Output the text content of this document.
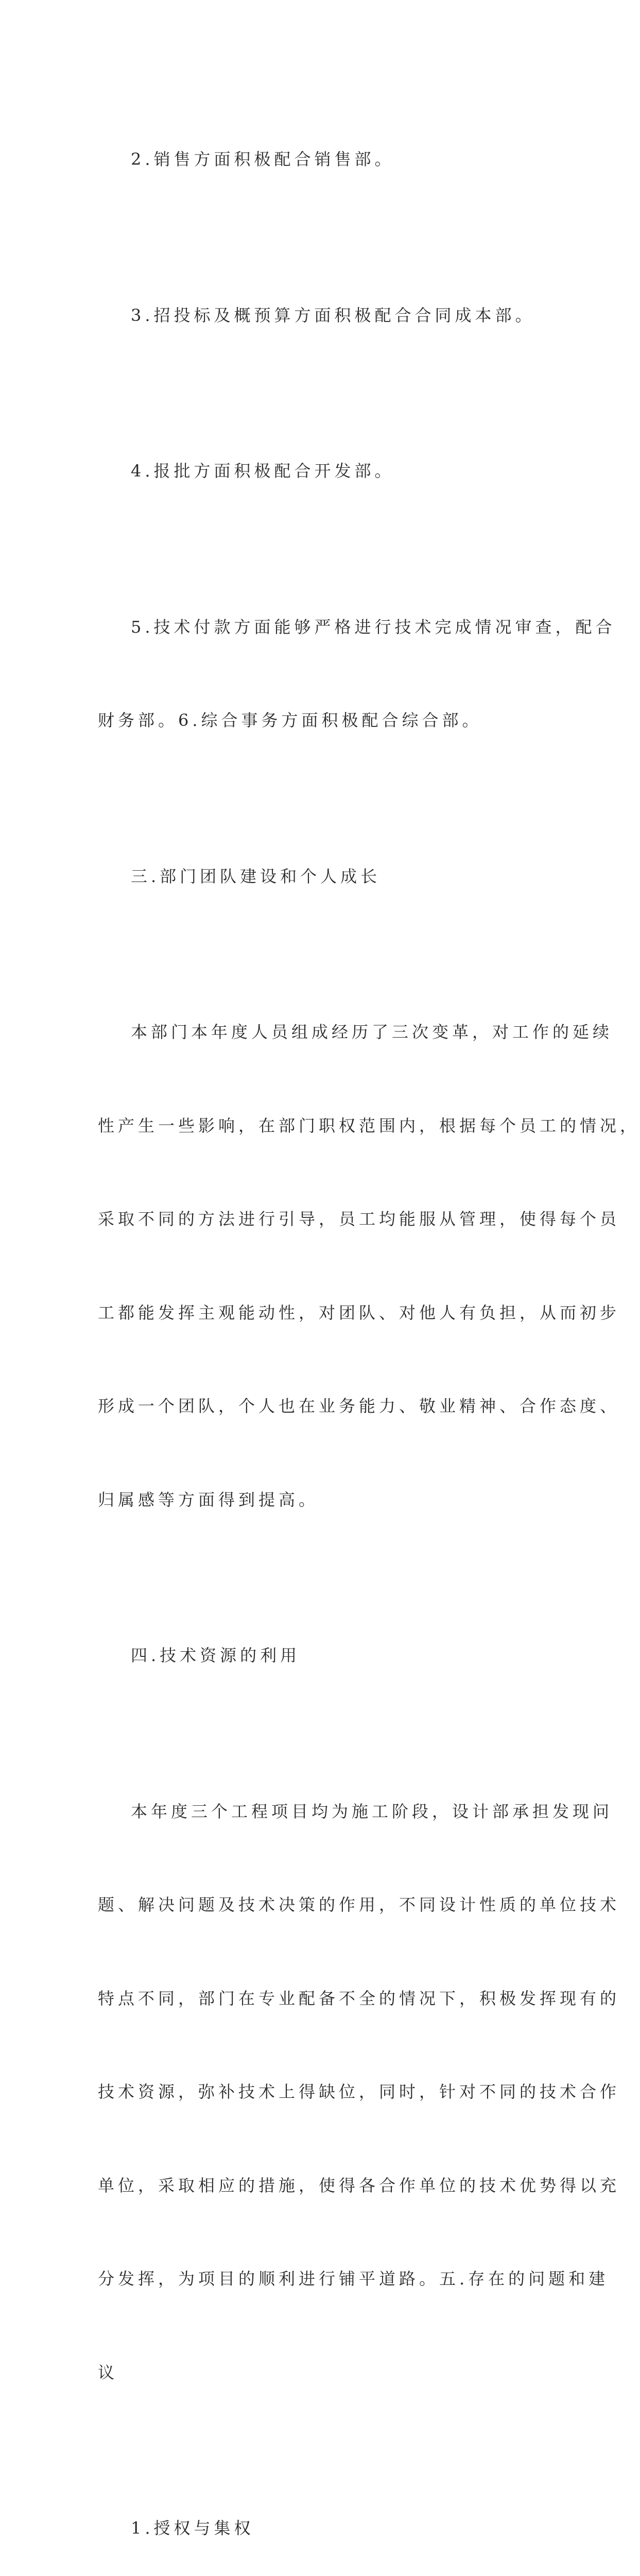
2.销售方面积极配合销售部。

3.招投标及概预算方面积极配合合同成本部。

4.报批方面积极配合开发部。

5.技术付款方面能够严格进行技术完成情况审查，配合

财务部。6.综合事务方面积极配合综合部。

三.部门团队建设和个人成长

本部门本年度人员组成经历了三次变革，对工作的延续

性产生一些影响，在部门职权范围内，根据每个员工的情况，

采取不同的方法进行引导，员工均能服从管理，使得每个员

工都能发挥主观能动性，对团队、对他人有负担，从而初步

形成一个团队，个人也在业务能力、敬业精神、合作态度、

归属感等方面得到提高。

四.技术资源的利用

本年度三个工程项目均为施工阶段，设计部承担发现问

题、解决问题及技术决策的作用，不同设计性质的单位技术

特点不同，部门在专业配备不全的情况下，积极发挥现有的

技术资源，弥补技术上得缺位，同时，针对不同的技术合作

单位，采取相应的措施，使得各合作单位的技术优势得以充

分发挥，为项目的顺利进行铺平道路。五.存在的问题和建

议

1.授权与集权
